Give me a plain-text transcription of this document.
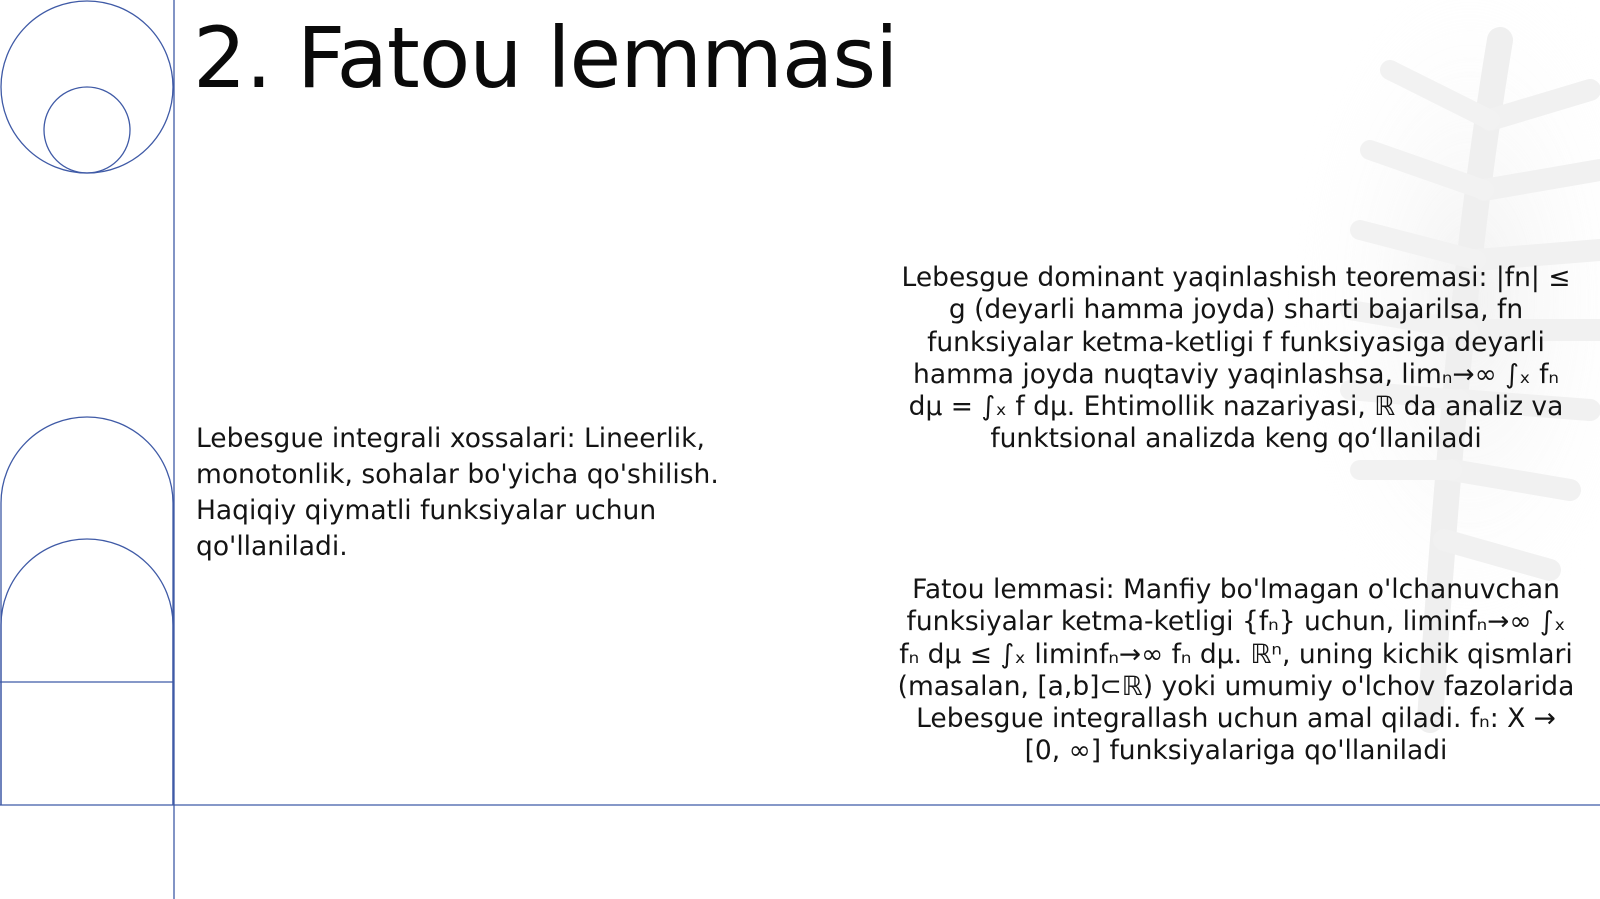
2. Fatou lemmasi

Lebesgue integrali xossalari: Lineerlik, monotonlik, sohalar bo'yicha qo'shilish. Haqiqiy qiymatli funksiyalar uchun qo'llaniladi.

Lebesgue dominant yaqinlashish teoremasi: |fn| ≤ g (deyarli hamma joyda) sharti bajarilsa, fn funksiyalar ketma-ketligi f funksiyasiga deyarli hamma joyda nuqtaviy yaqinlashsa, limₙ→∞ ∫ₓ fₙ dμ = ∫ₓ f dμ. Ehtimollik nazariyasi, ℝ da analiz va funktsional analizda keng qo‘llaniladi

Fatou lemmasi: Manfiy bo'lmagan o'lchanuvchan funksiyalar ketma-ketligi {fₙ} uchun, liminfₙ→∞ ∫ₓ fₙ dμ ≤ ∫ₓ liminfₙ→∞ fₙ dμ. ℝⁿ, uning kichik qismlari (masalan, [a,b]⊂ℝ) yoki umumiy o'lchov fazolarida Lebesgue integrallash uchun amal qiladi. fₙ: X → [0, ∞] funksiyalariga qo'llaniladi
